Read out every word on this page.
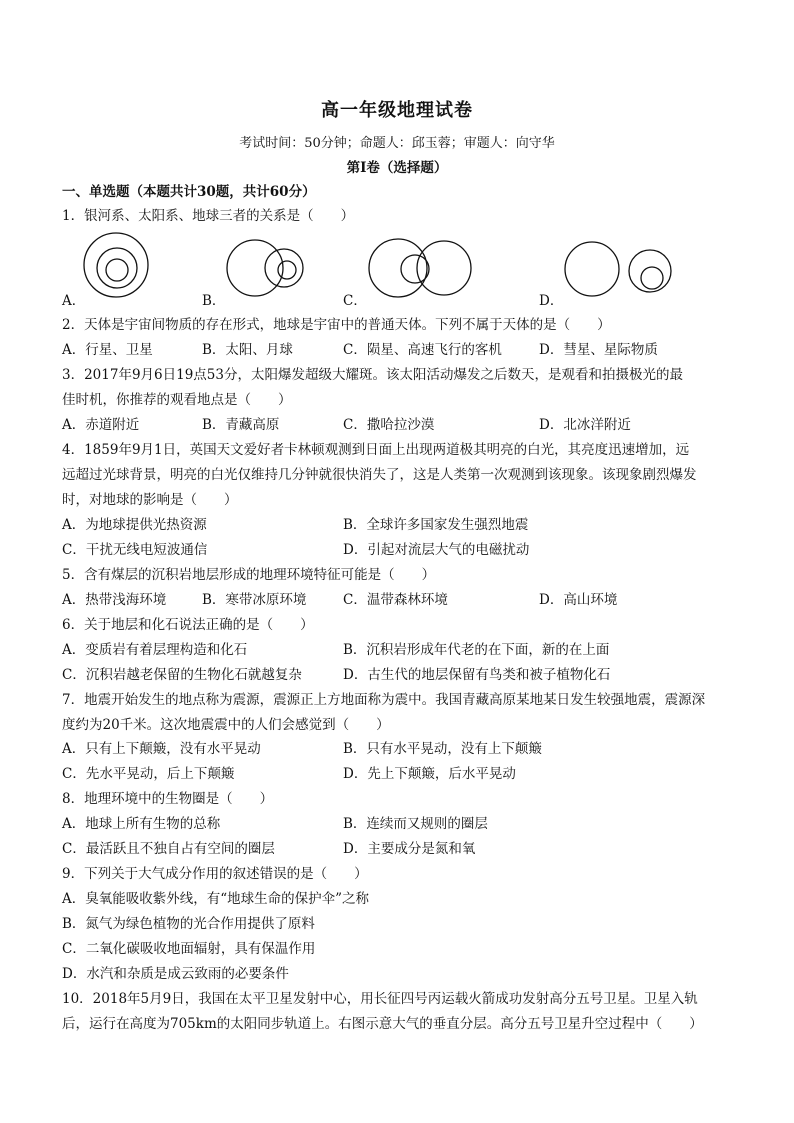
高一年级地理试卷
考试时间：50分钟；命题人：邱玉蓉；审题人：向守华
第Ⅰ卷（选择题）
一、单选题（本题共计30题，共计60分）
1．银河系、太阳系、地球三者的关系是（　　）
A．	B．	C．	D．
2．天体是宇宙间物质的存在形式，地球是宇宙中的普通天体。下列不属于天体的是（　　）
A．行星、卫星	B．太阳、月球	C．陨星、高速飞行的客机	D．彗星、星际物质
3．2017年9月6日19点53分，太阳爆发超级大耀斑。该太阳活动爆发之后数天，是观看和拍摄极光的最
佳时机，你推荐的观看地点是（　　）
A．赤道附近	B．青藏高原	C．撒哈拉沙漠	D．北冰洋附近
4．1859年9月1日，英国天文爱好者卡林顿观测到日面上出现两道极其明亮的白光，其亮度迅速增加，远
远超过光球背景，明亮的白光仅维持几分钟就很快消失了，这是人类第一次观测到该现象。该现象剧烈爆发
时，对地球的影响是（　　）
A．为地球提供光热资源	B．全球许多国家发生强烈地震
C．干扰无线电短波通信	D．引起对流层大气的电磁扰动
5．含有煤层的沉积岩地层形成的地理环境特征可能是（　　）
A．热带浅海环境	B．寒带冰原环境	C．温带森林环境	D．高山环境
6．关于地层和化石说法正确的是（　　）
A．变质岩有着层理构造和化石	B．沉积岩形成年代老的在下面，新的在上面
C．沉积岩越老保留的生物化石就越复杂	D．古生代的地层保留有鸟类和被子植物化石
7．地震开始发生的地点称为震源，震源正上方地面称为震中。我国青藏高原某地某日发生较强地震，震源深
度约为20千米。这次地震震中的人们会感觉到（　　）
A．只有上下颠簸，没有水平晃动	B．只有水平晃动，没有上下颠簸
C．先水平晃动，后上下颠簸	D．先上下颠簸，后水平晃动
8．地理环境中的生物圈是（　　）
A．地球上所有生物的总称	B．连续而又规则的圈层
C．最活跃且不独自占有空间的圈层	D．主要成分是氮和氧
9．下列关于大气成分作用的叙述错误的是（　　）
A．臭氧能吸收紫外线，有“地球生命的保护伞”之称
B．氮气为绿色植物的光合作用提供了原料
C．二氧化碳吸收地面辐射，具有保温作用
D．水汽和杂质是成云致雨的必要条件
10．2018年5月9日，我国在太平卫星发射中心，用长征四号丙运载火箭成功发射高分五号卫星。卫星入轨
后，运行在高度为705km的太阳同步轨道上。右图示意大气的垂直分层。高分五号卫星升空过程中（　　）
